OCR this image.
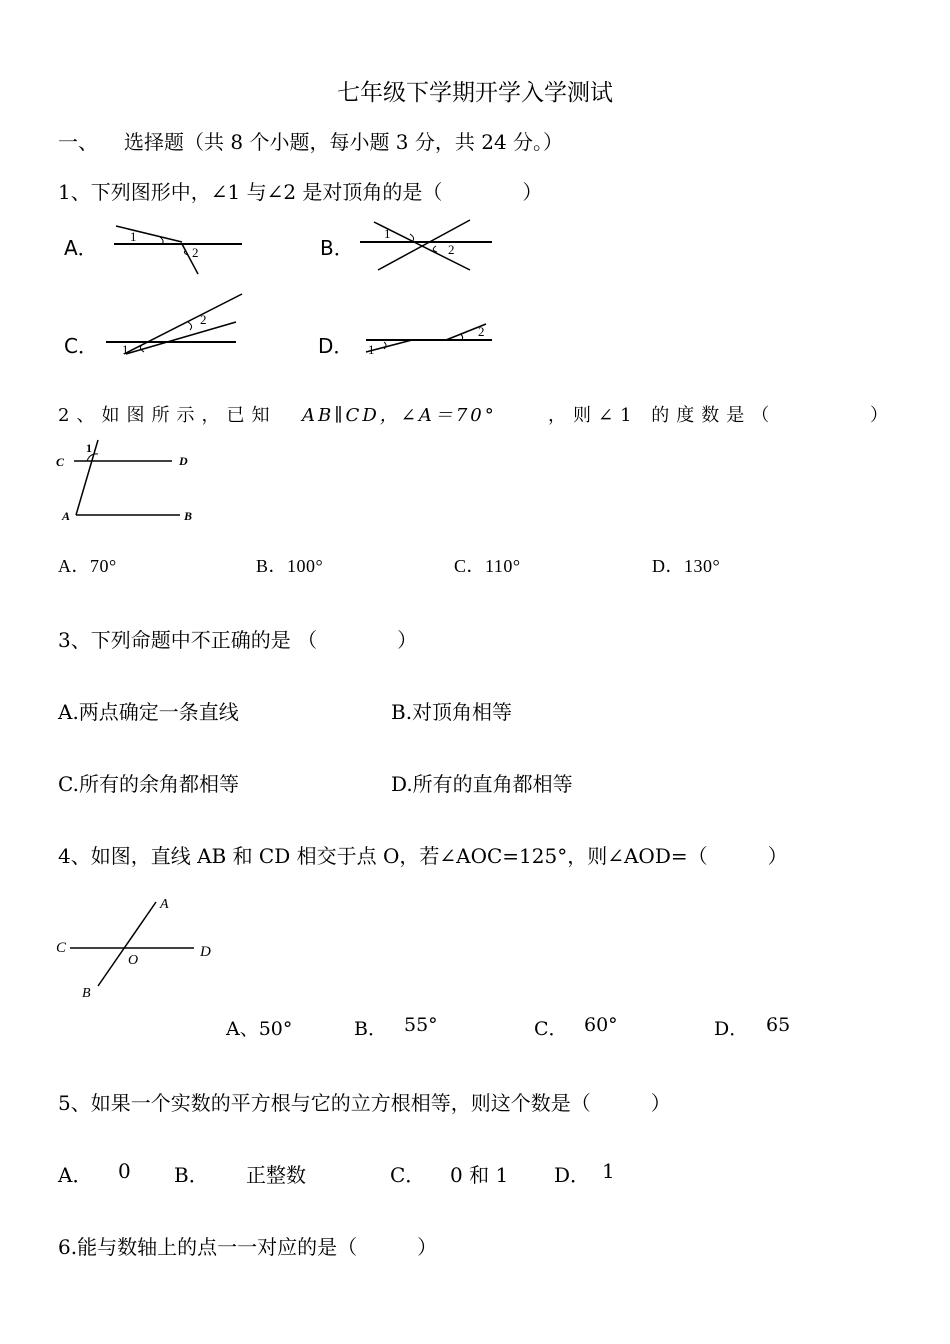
七年级下学期开学入学测试
一、 选择题（共 8 个小题，每小题 3 分，共 24 分。）
1、下列图形中，∠1 与∠2 是对顶角的是（　　　　）
A． 1
2	B．
1
2
C． 1
2
D． 1
2
2、如图所示，已知 AB∥CD，∠A＝70°	，则∠1 的度数是（	）
C	D
A	B
1
A．70°	B．100°	C．110°	D．130°
3、下列命题中不正确的是 （　　　　）
A.两点确定一条直线	B.对顶角相等
C.所有的余角都相等	D.所有的直角都相等
4、如图，直线 AB 和 CD 相交于点 O，若∠AOC=125°，则∠AOD=（　　　）
A
C	D
O
B
A、50°	B． 55°	C． 60°	D． 65
5、如果一个实数的平方根与它的立方根相等，则这个数是（　　　）
A． 0 B． 正整数	C． 0 和 1 D． 1
6.能与数轴上的点一一对应的是（　　　）
